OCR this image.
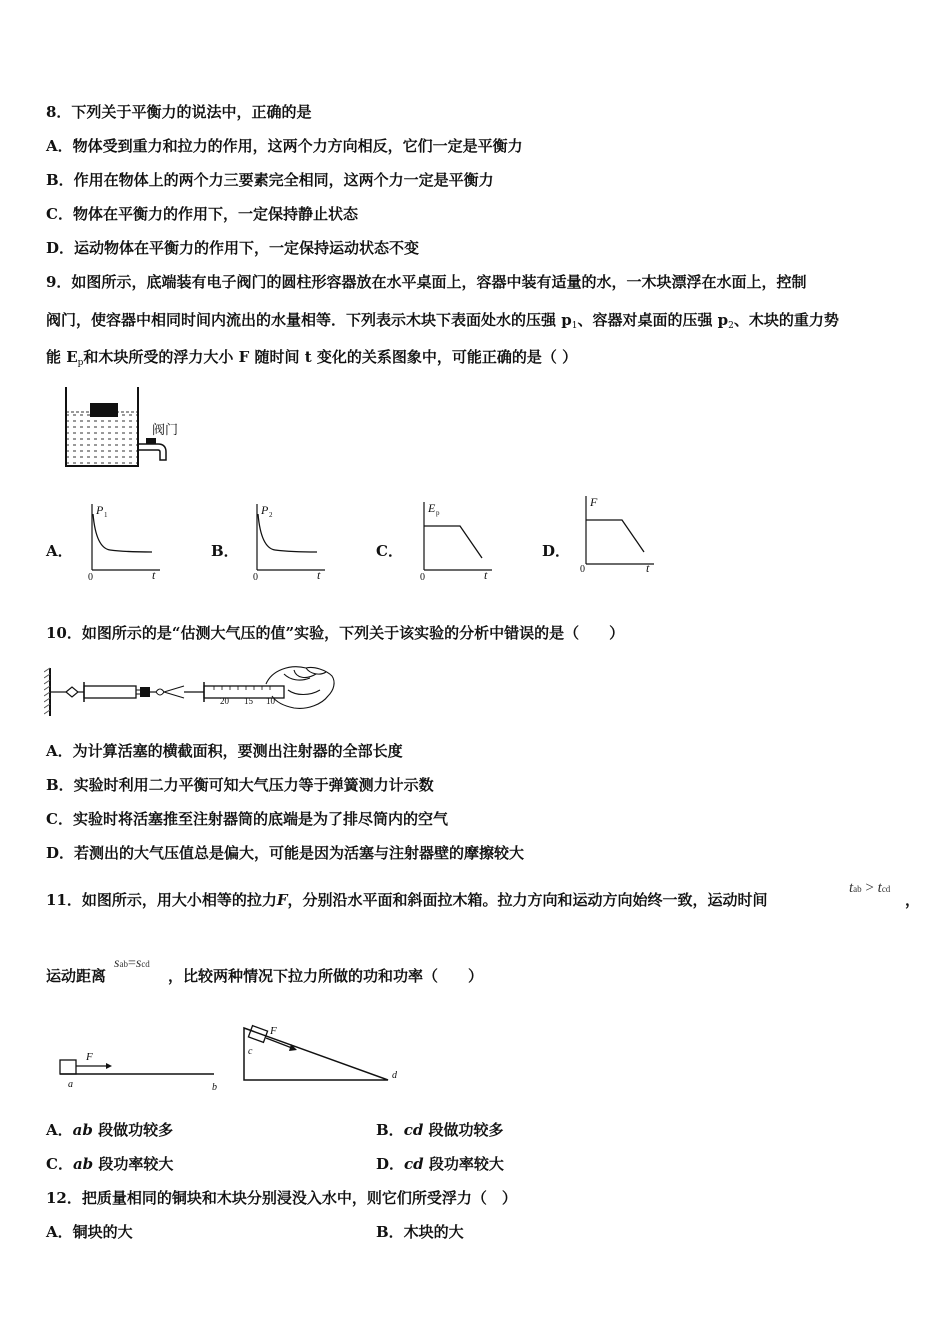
8．下列关于平衡力的说法中，正确的是
A．物体受到重力和拉力的作用，这两个力方向相反，它们一定是平衡力
B．作用在物体上的两个力三要素完全相同，这两个力一定是平衡力
C．物体在平衡力的作用下，一定保持静止状态
D．运动物体在平衡力的作用下，一定保持运动状态不变
9．如图所示，底端装有电子阀门的圆柱形容器放在水平桌面上，容器中装有适量的水，一木块漂浮在水面上，控制
阀门，使容器中相同时间内流出的水量相等．下列表示木块下表面处水的压强 $p_1$、容器对桌面的压强 $p_2$、木块的重力势
能 $E_p$和木块所受的浮力大小 F 随时间 t 变化的关系图象中，可能正确的是（ ）
阀门
A．
P 1
0	t
B．
P 2
0	t
C．
E p
0	t
D．
F
0	t
10．如图所示的是“估测大气压的值”实验，下列关于该实验的分析中错误的是（　　）
20 15 10
A．为计算活塞的横截面积，要测出注射器的全部长度
B．实验时利用二力平衡可知大气压力等于弹簧测力计示数
C．实验时将活塞推至注射器筒的底端是为了排尽筒内的空气
D．若测出的大气压值总是偏大，可能是因为活塞与注射器壁的摩擦较大
11．如图所示，用大小相等的拉力F，分别沿水平面和斜面拉木箱。拉力方向和运动方向始终一致，运动时间
tab > tcd
，
运动距离	，比较两种情况下拉力所做的功和功率（　　）
sab=scd
F
a	b
F
c
d
A．ab 段做功较多	B．cd 段做功较多
C．ab 段功率较大	D．cd 段功率较大
12．把质量相同的铜块和木块分别浸没入水中，则它们所受浮力（　）
A．铜块的大	B．木块的大
